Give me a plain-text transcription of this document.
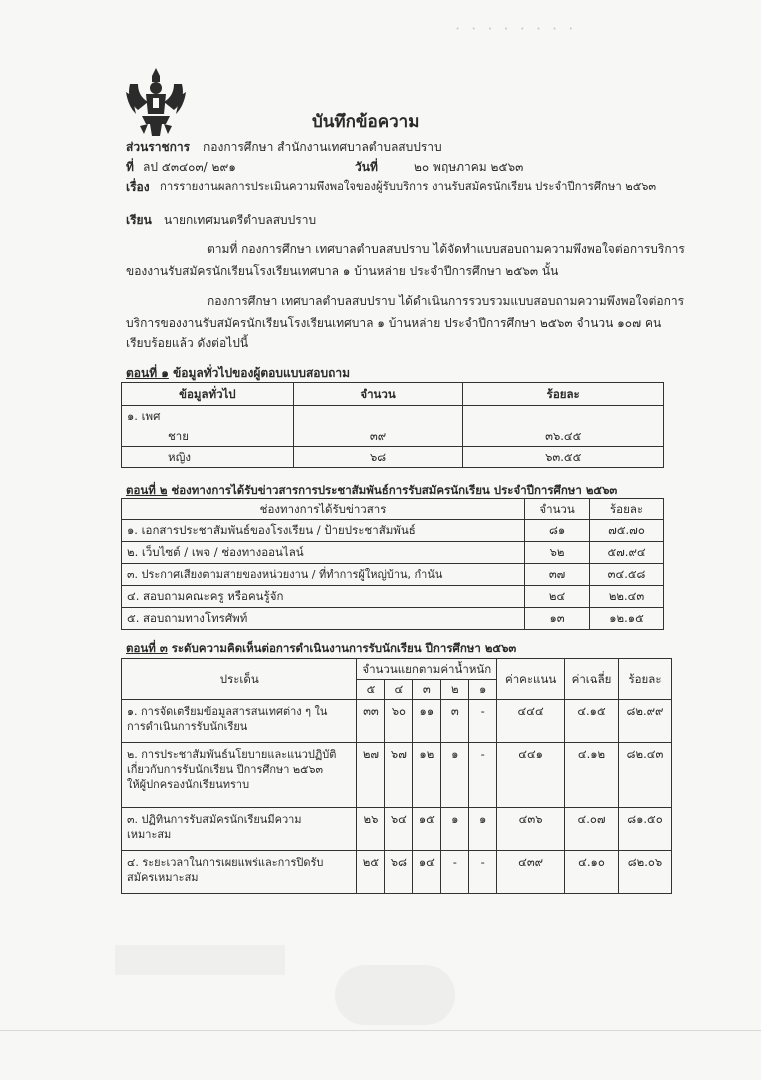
· · · · · · · ·
บันทึกข้อความ
ส่วนราชการ กองการศึกษา สำนักงานเทศบาลตำบลสบปราบ
ที่ ลป ๕๓๔๐๓/ ๒๙๑	วันที่	๒๐ พฤษภาคม ๒๕๖๓
เรื่อง การรายงานผลการประเมินความพึงพอใจของผู้รับบริการ งานรับสมัครนักเรียน ประจำปีการศึกษา ๒๕๖๓
เรียน นายกเทศมนตรีตำบลสบปราบ
ตามที่ กองการศึกษา เทศบาลตำบลสบปราบ ได้จัดทำแบบสอบถามความพึงพอใจต่อการบริการ
ของงานรับสมัครนักเรียนโรงเรียนเทศบาล ๑ บ้านหล่าย ประจำปีการศึกษา ๒๕๖๓ นั้น
กองการศึกษา เทศบาลตำบลสบปราบ ได้ดำเนินการรวบรวมแบบสอบถามความพึงพอใจต่อการ
บริการของงานรับสมัครนักเรียนโรงเรียนเทศบาล ๑ บ้านหล่าย ประจำปีการศึกษา ๒๕๖๓ จำนวน ๑๐๗ คน
เรียบร้อยแล้ว ดังต่อไปนี้
ตอนที่ ๑ ข้อมูลทั่วไปของผู้ตอบแบบสอบถาม
ข้อมูลทั่วไป	จำนวน	ร้อยละ
๑. เพศ		
ชาย	๓๙	๓๖.๔๕
หญิง	๖๘	๖๓.๕๕
ตอนที่ ๒ ช่องทางการได้รับข่าวสารการประชาสัมพันธ์การรับสมัครนักเรียน ประจำปีการศึกษา ๒๕๖๓
ช่องทางการได้รับข่าวสาร	จำนวน	ร้อยละ
๑. เอกสารประชาสัมพันธ์ของโรงเรียน / ป้ายประชาสัมพันธ์	๘๑	๗๕.๗๐
๒. เว็บไซต์ / เพจ / ช่องทางออนไลน์	๖๒	๕๗.๙๔
๓. ประกาศเสียงตามสายของหน่วยงาน / ที่ทำการผู้ใหญ่บ้าน, กำนัน	๓๗	๓๔.๕๘
๔. สอบถามคณะครู หรือคนรู้จัก	๒๔	๒๒.๔๓
๕. สอบถามทางโทรศัพท์	๑๓	๑๒.๑๕
ตอนที่ ๓ ระดับความคิดเห็นต่อการดำเนินงานการรับนักเรียน ปีการศึกษา ๒๕๖๓
ประเด็น	จำนวนแยกตามค่าน้ำหนัก					ค่าคะแนน	ค่าเฉลี่ย	ร้อยละ
	๕	๔	๓	๒	๑			

๑. การจัดเตรียมข้อมูลสารสนเทศต่าง ๆ ใน
การดำเนินการรับนักเรียน	๓๓	๖๐	๑๑	๓	-	๔๔๔	๔.๑๕	๘๒.๙๙

๒. การประชาสัมพันธ์นโยบายและแนวปฏิบัติ
เกี่ยวกับการรับนักเรียน ปีการศึกษา ๒๕๖๓
ให้ผู้ปกครองนักเรียนทราบ	๒๗	๖๗	๑๒	๑	-	๔๔๑	๔.๑๒	๘๒.๔๓

๓. ปฏิทินการรับสมัครนักเรียนมีความ
เหมาะสม	๒๖	๖๔	๑๕	๑	๑	๔๓๖	๔.๐๗	๘๑.๕๐

๔. ระยะเวลาในการเผยแพร่และการปิดรับ
สมัครเหมาะสม	๒๕	๖๘	๑๔	-	-	๔๓๙	๔.๑๐	๘๒.๐๖
